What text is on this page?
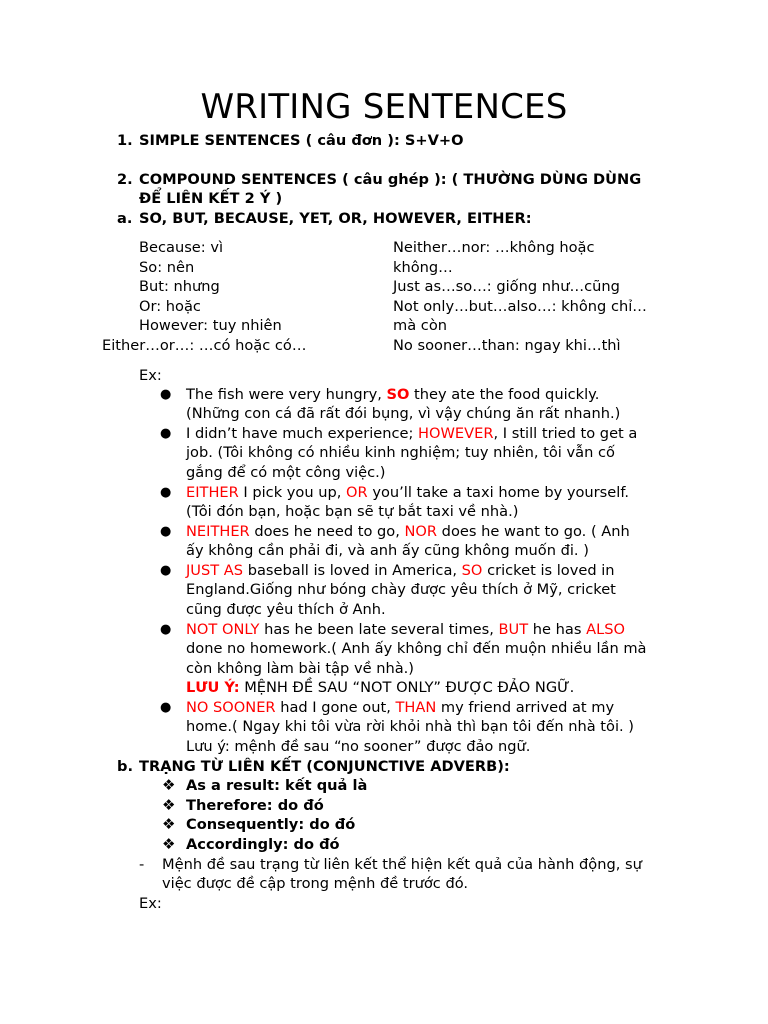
WRITING SENTENCES
1. SIMPLE SENTENCES ( câu đơn ): S+V+O
2. COMPOUND SENTENCES ( câu ghép ): ( THƯỜNG DÙNG DÙNG
ĐỂ LIÊN KẾT 2 Ý )
a. SO, BUT, BECAUSE, YET, OR, HOWEVER, EITHER:
Because: vì
So: nên
But: nhưng
Or: hoặc
However: tuy nhiên
Either…or…: …có hoặc có…
Neither…nor: …không hoặc
không…
Just as…so…: giống như…cũng
Not only…but…also…: không chỉ…
mà còn
No sooner…than: ngay khi…thì
Ex:
● The fish were very hungry, SO they ate the food quickly.
(Những con cá đã rất đói bụng, vì vậy chúng ăn rất nhanh.)
● I didn’t have much experience; HOWEVER, I still tried to get a
job. (Tôi không có nhiều kinh nghiệm; tuy nhiên, tôi vẫn cố
gắng để có một công việc.)
● EITHER I pick you up, OR you’ll take a taxi home by yourself.
(Tôi đón bạn, hoặc bạn sẽ tự bắt taxi về nhà.)
● NEITHER does he need to go, NOR does he want to go. ( Anh
ấy không cần phải đi, và anh ấy cũng không muốn đi. )
● JUST AS baseball is loved in America, SO cricket is loved in
England.Giống như bóng chày được yêu thích ở Mỹ, cricket
cũng được yêu thích ở Anh.
● NOT ONLY has he been late several times, BUT he has ALSO
done no homework.( Anh ấy không chỉ đến muộn nhiều lần mà
còn không làm bài tập về nhà.)
LƯU Ý: MỆNH ĐỀ SAU “NOT ONLY” ĐƯỢC ĐẢO NGỮ.
● NO SOONER had I gone out, THAN my friend arrived at my
home.( Ngay khi tôi vừa rời khỏi nhà thì bạn tôi đến nhà tôi. )
Lưu ý: mệnh đề sau “no sooner” được đảo ngữ.
b. TRẠNG TỪ LIÊN KẾT (CONJUNCTIVE ADVERB):
❖ As a result: kết quả là
❖ Therefore: do đó
❖ Consequently: do đó
❖ Accordingly: do đó
- Mệnh đề sau trạng từ liên kết thể hiện kết quả của hành động, sự
việc được đề cập trong mệnh đề trước đó.
Ex:
